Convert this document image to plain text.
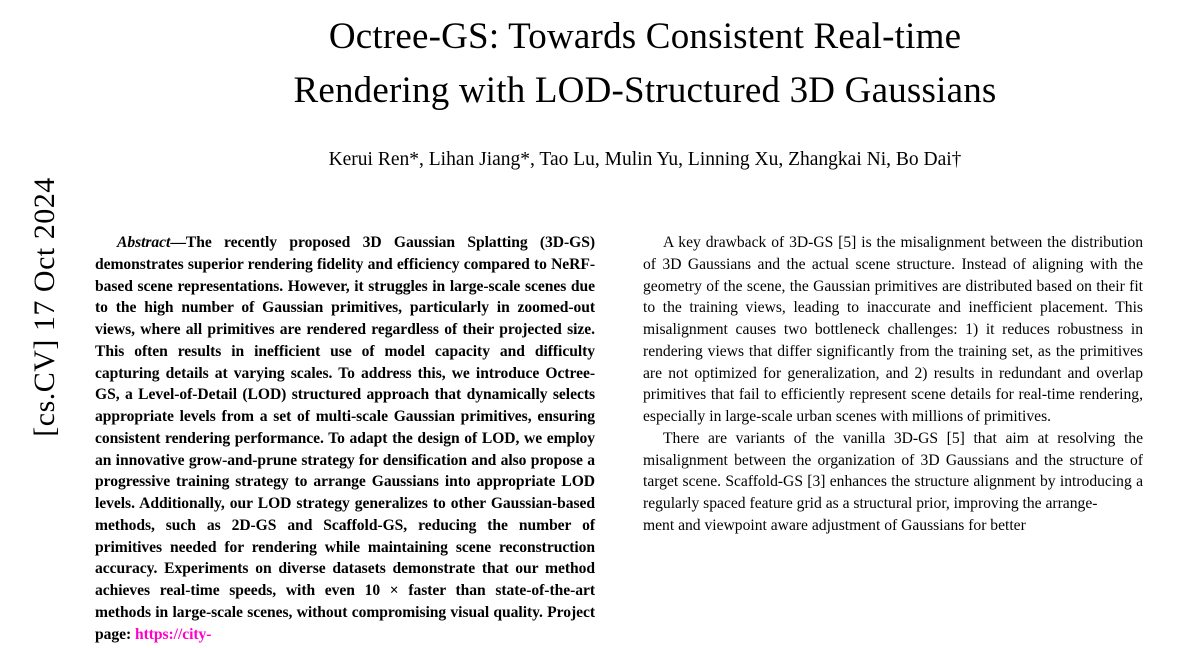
[cs.CV] 17 Oct 2024
Octree-GS: Towards Consistent Real-time
Rendering with LOD-Structured 3D Gaussians
Kerui Ren*, Lihan Jiang*, Tao Lu, Mulin Yu, Linning Xu, Zhangkai Ni, Bo Dai†

Abstract—The recently proposed 3D Gaussian Splatting (3D-GS) demonstrates superior rendering fidelity and efficiency compared to NeRF-based scene representations. However, it struggles in large-scale scenes due to the high number of Gaussian primitives, particularly in zoomed-out views, where all primitives are rendered regardless of their projected size. This often results in inefficient use of model capacity and difficulty capturing details at varying scales. To address this, we introduce Octree-GS, a Level-of-Detail (LOD) structured approach that dynamically selects appropriate levels from a set of multi-scale Gaussian primitives, ensuring consistent rendering performance. To adapt the design of LOD, we employ an innovative grow-and-prune strategy for densification and also propose a progressive training strategy to arrange Gaussians into appropriate LOD levels. Additionally, our LOD strategy generalizes to other Gaussian-based methods, such as 2D-GS and Scaffold-GS, reducing the number of primitives needed for rendering while maintaining scene reconstruction accuracy. Experiments on diverse datasets demonstrate that our method achieves real-time speeds, with even 10 × faster than state-of-the-art methods in large-scale scenes, without compromising visual quality. Project page: https://city-

A key drawback of 3D-GS [5] is the misalignment between the distribution of 3D Gaussians and the actual scene structure. Instead of aligning with the geometry of the scene, the Gaussian primitives are distributed based on their fit to the training views, leading to inaccurate and inefficient placement. This misalignment causes two bottleneck challenges: 1) it reduces robustness in rendering views that differ significantly from the training set, as the primitives are not optimized for generalization, and 2) results in redundant and overlap primitives that fail to efficiently represent scene details for real-time rendering, especially in large-scale urban scenes with millions of primitives.

There are variants of the vanilla 3D-GS [5] that aim at resolving the misalignment between the organization of 3D Gaussians and the structure of target scene. Scaffold-GS [3] enhances the structure alignment by introducing a regularly spaced feature grid as a structural prior, improving the arrange-

ment and viewpoint aware adjustment of Gaussians for better
